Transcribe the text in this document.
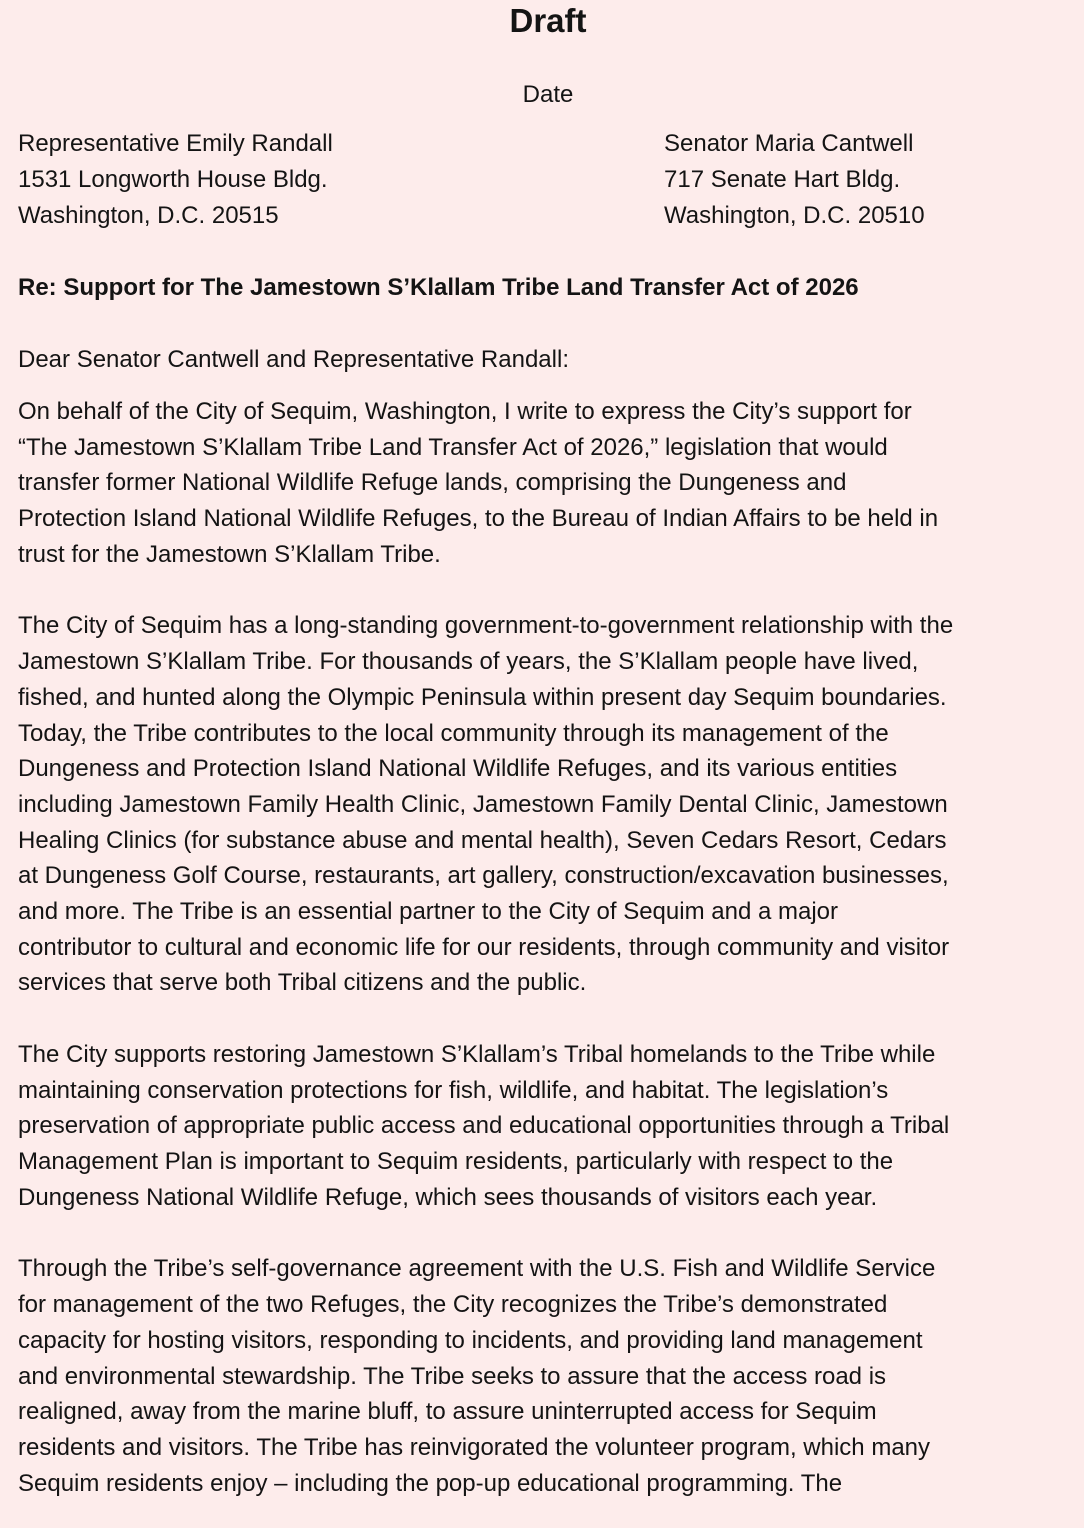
Draft
Date
Representative Emily Randall
1531 Longworth House Bldg.
Washington, D.C. 20515
Senator Maria Cantwell
717 Senate Hart Bldg.
Washington, D.C. 20510
Re: Support for The Jamestown S’Klallam Tribe Land Transfer Act of 2026
Dear Senator Cantwell and Representative Randall:
On behalf of the City of Sequim, Washington, I write to express the City’s support for
“The Jamestown S’Klallam Tribe Land Transfer Act of 2026,” legislation that would
transfer former National Wildlife Refuge lands, comprising the Dungeness and
Protection Island National Wildlife Refuges, to the Bureau of Indian Affairs to be held in
trust for the Jamestown S’Klallam Tribe.
The City of Sequim has a long-standing government-to-government relationship with the
Jamestown S’Klallam Tribe. For thousands of years, the S’Klallam people have lived,
fished, and hunted along the Olympic Peninsula within present day Sequim boundaries.
Today, the Tribe contributes to the local community through its management of the
Dungeness and Protection Island National Wildlife Refuges, and its various entities
including Jamestown Family Health Clinic, Jamestown Family Dental Clinic, Jamestown
Healing Clinics (for substance abuse and mental health), Seven Cedars Resort, Cedars
at Dungeness Golf Course, restaurants, art gallery, construction/excavation businesses,
and more. The Tribe is an essential partner to the City of Sequim and a major
contributor to cultural and economic life for our residents, through community and visitor
services that serve both Tribal citizens and the public.
The City supports restoring Jamestown S’Klallam’s Tribal homelands to the Tribe while
maintaining conservation protections for fish, wildlife, and habitat. The legislation’s
preservation of appropriate public access and educational opportunities through a Tribal
Management Plan is important to Sequim residents, particularly with respect to the
Dungeness National Wildlife Refuge, which sees thousands of visitors each year.
Through the Tribe’s self-governance agreement with the U.S. Fish and Wildlife Service
for management of the two Refuges, the City recognizes the Tribe’s demonstrated
capacity for hosting visitors, responding to incidents, and providing land management
and environmental stewardship. The Tribe seeks to assure that the access road is
realigned, away from the marine bluff, to assure uninterrupted access for Sequim
residents and visitors. The Tribe has reinvigorated the volunteer program, which many
Sequim residents enjoy – including the pop-up educational programming. The
